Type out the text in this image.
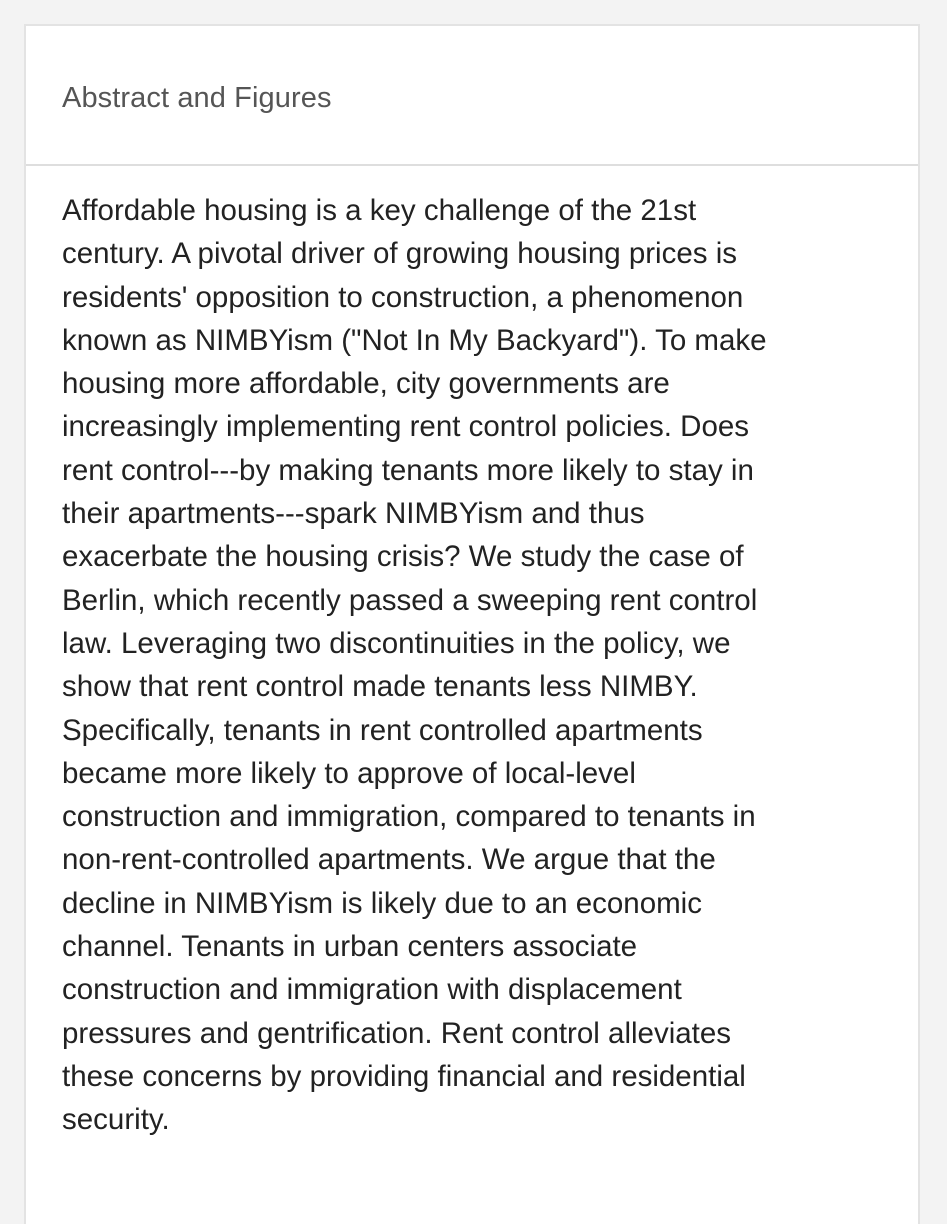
Abstract and Figures

Affordable housing is a key challenge of the 21st
century. A pivotal driver of growing housing prices is
residents' opposition to construction, a phenomenon
known as NIMBYism ("Not In My Backyard"). To make
housing more affordable, city governments are
increasingly implementing rent control policies. Does
rent control---by making tenants more likely to stay in
their apartments---spark NIMBYism and thus
exacerbate the housing crisis? We study the case of
Berlin, which recently passed a sweeping rent control
law. Leveraging two discontinuities in the policy, we
show that rent control made tenants less NIMBY.
Specifically, tenants in rent controlled apartments
became more likely to approve of local-level
construction and immigration, compared to tenants in
non-rent-controlled apartments. We argue that the
decline in NIMBYism is likely due to an economic
channel. Tenants in urban centers associate
construction and immigration with displacement
pressures and gentrification. Rent control alleviates
these concerns by providing financial and residential
security.
